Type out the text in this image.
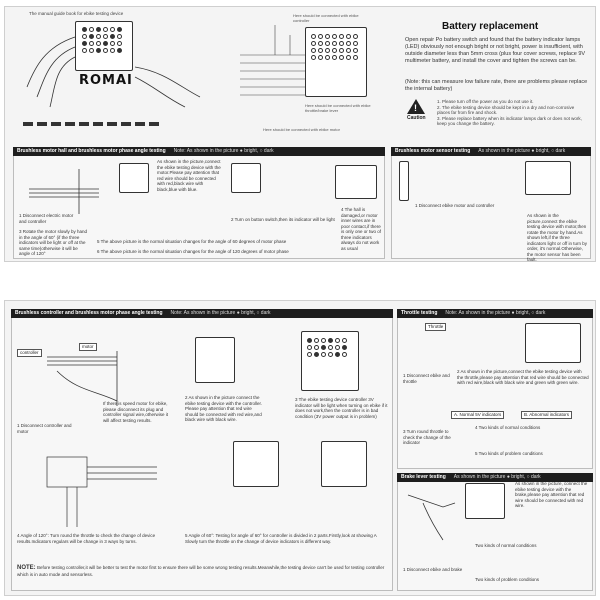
The manual guide book for ebike testing device
ROMAI
Here should be connected with ebike controller
Here should be connected with ebike throttle/brake lever
Here should be connected with ebike motor
Battery replacement
Open repair Po battery switch and found that the battery indicator lamps (LED) obviously not enough bright or not bright, power is insufficient, with outside diameter less than 5mm cross (plus four cover screws, replace 9V multimeter battery, and install the cover and tighten the screws can be.
(Note: this can measure low failure rate, there are problems please replace the internal battery)
!
Caution
1. Please turn off the power as you do not use it.
2. The ebike testing device should be kept in a dry and non-corrosive places far from fire and shock.
3. Please replace battery when its indicator lamps dark or does not work, keep you change the battery.
Brushless motor hall and brushless motor phase angle testing Note: As shown in the picture ● bright, ○ dark
As shown in the picture,connect the ebike testing device with the motor.Please pay attention that red wire should be connected with red,black wire with black,blue with blue.
1 Disconnect electric motor and controller	2 Turn on button switch,then its indicator will be light
3 Rotate the motor slowly by hand in the angle of 60° (if the three indicators will be light or off at the same time)otherwise it will be angle of 120°
4 The hall is damaged,or motor inner wires are in poor contact,if there is only one or two of three indicators always do not work as usual
5 The above picture is the normal situation changes for the angle of 60 degrees of motor phase
6 The above picture is the normal situation changes for the angle of 120 degrees of motor phase
Brushless motor sensor testing As shown in the picture ● bright, ○ dark
1 Disconnect ebike motor and controller
As shown in the picture,connect the ebike testing device with motor,then rotate the motor by hand.As shown left,if the three indicators light or off in turn by order, it's normal.Otherwise, the motor sensor has been fault.
Brushless controller and brushless motor phase angle testing Note: As shown in the picture ● bright, ○ dark
controller
motor
1 Disconnect controller and motor
If there is speed motor for ebike, please disconnect its plug and controller signal wire,otherwise it will affect testing results.
2 As shown in the picture connect the ebike testing device with the controller. Please pay attention that red wire should be connected with red wire,and black wire with black wire.
3 The ebike testing device controller 3V indicator will be light when turning on ebike if it does not work,then the controller is in bad condition (3V power output is in problem)
4 Angle of 120°: Turn round the throttle to check the change of device results.Indicators regulars will be change in 3 ways by turns.
5 Angle of 60°: Testing for angle of 60° for controller is divided in 2 parts.Firstly,look at showing A Slowly turn the throttle on the change of device indicators is different way.
NOTE: Before testing controller,it will be better to test the motor first to ensure there will be some wrong testing results.Meanwhile,the testing device can't be used for testing controller which is in auto mode and sensorless.
Throttle testing Note: As shown in the picture ● bright, ○ dark
Throttle
1 Disconnect ebike and throttle
2 As shown in the picture,connect the ebike testing device with the throttle,please pay attention that red wire should be connected with red wire,black with black wire and green with green wire.
A. Normal 5V indicators	B. Abnormal indicators
3 Turn round throttle to check the change of the indicator
4 Two kinds of normal conditions
5 Two kinds of problem conditions
Brake lever testing As shown in the picture ● bright, ○ dark
As shown in the picture, connect the ebike testing device with the brake,please pay attention that red wire should be connected with red wire.
Two kinds of normal conditions
1 Disconnect ebike and brake
Two kinds of problem conditions
